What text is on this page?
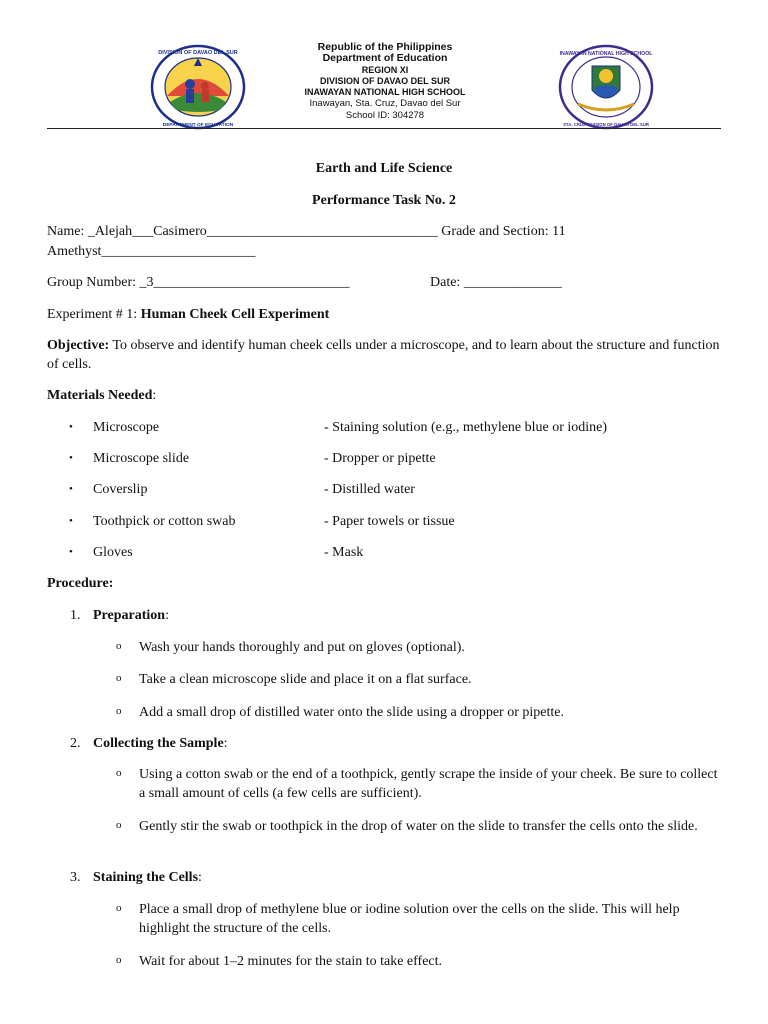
DIVISION OF DAVAO DEL SUR
DEPARTMENT OF EDUCATION
Republic of the Philippines
Department of Education
REGION XI
DIVISION OF DAVAO DEL SUR
INAWAYAN NATIONAL HIGH SCHOOL
Inawayan, Sta. Cruz, Davao del Sur
School ID: 304278
INAWAYAN NATIONAL HIGH SCHOOL
STA. CRUZ DIVISION OF DAVAO DEL SUR
Earth and Life Science
Performance Task No. 2
Name: _Alejah___Casimero_________________________________ Grade and Section: 11
Amethyst______________________
Group Number: _3____________________________	Date: ______________
Experiment # 1: Human Cheek Cell Experiment
Objective: To observe and identify human cheek cells under a microscope, and to learn about the structure and function of cells.
Materials Needed:
• Microscope	- Staining solution (e.g., methylene blue or iodine)
• Microscope slide	- Dropper or pipette
• Coverslip	- Distilled water
• Toothpick or cotton swab	- Paper towels or tissue
• Gloves	- Mask
Procedure:
1. Preparation:
o Wash your hands thoroughly and put on gloves (optional).
o Take a clean microscope slide and place it on a flat surface.
o Add a small drop of distilled water onto the slide using a dropper or pipette.
2. Collecting the Sample:
o Using a cotton swab or the end of a toothpick, gently scrape the inside of your cheek. Be sure to collect a small amount of cells (a few cells are sufficient).
o Gently stir the swab or toothpick in the drop of water on the slide to transfer the cells onto the slide.
3. Staining the Cells:
o Place a small drop of methylene blue or iodine solution over the cells on the slide. This will help highlight the structure of the cells.
o Wait for about 1–2 minutes for the stain to take effect.
